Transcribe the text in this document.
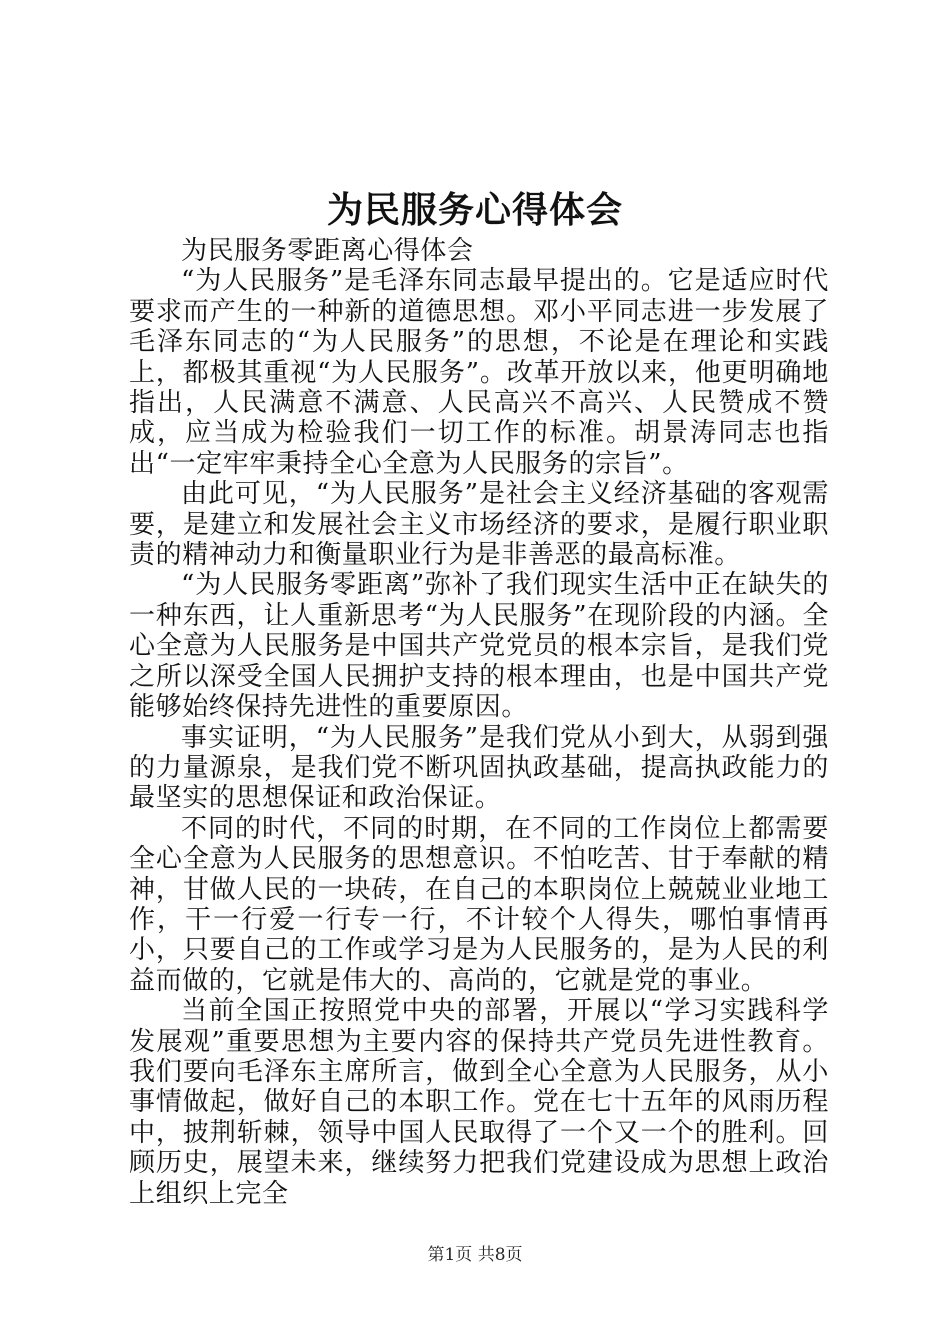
为民服务心得体会

为民服务零距离心得体会

“为人民服务”是毛泽东同志最早提出的。它是适应时代要求而产生的一种新的道德思想。邓小平同志进一步发展了毛泽东同志的“为人民服务”的思想，不论是在理论和实践上，都极其重视“为人民服务”。改革开放以来，他更明确地指出，人民满意不满意、人民高兴不高兴、人民赞成不赞成，应当成为检验我们一切工作的标准。胡景涛同志也指出“一定牢牢秉持全心全意为人民服务的宗旨”。

由此可见，“为人民服务”是社会主义经济基础的客观需要，是建立和发展社会主义市场经济的要求，是履行职业职责的精神动力和衡量职业行为是非善恶的最高标准。

“为人民服务零距离”弥补了我们现实生活中正在缺失的一种东西，让人重新思考“为人民服务”在现阶段的内涵。全心全意为人民服务是中国共产党党员的根本宗旨，是我们党之所以深受全国人民拥护支持的根本理由，也是中国共产党能够始终保持先进性的重要原因。

事实证明，“为人民服务”是我们党从小到大，从弱到强的力量源泉，是我们党不断巩固执政基础，提高执政能力的最坚实的思想保证和政治保证。

不同的时代，不同的时期，在不同的工作岗位上都需要全心全意为人民服务的思想意识。不怕吃苦、甘于奉献的精神，甘做人民的一块砖，在自己的本职岗位上兢兢业业地工作，干一行爱一行专一行，不计较个人得失，哪怕事情再小，只要自己的工作或学习是为人民服务的，是为人民的利益而做的，它就是伟大的、高尚的，它就是党的事业。

当前全国正按照党中央的部署，开展以“学习实践科学发展观”重要思想为主要内容的保持共产党员先进性教育。我们要向毛泽东主席所言，做到全心全意为人民服务，从小事情做起，做好自己的本职工作。党在七十五年的风雨历程中，披荆斩棘，领导中国人民取得了一个又一个的胜利。回顾历史，展望未来，继续努力把我们党建设成为思想上政治上组织上完全

第1页 共8页
